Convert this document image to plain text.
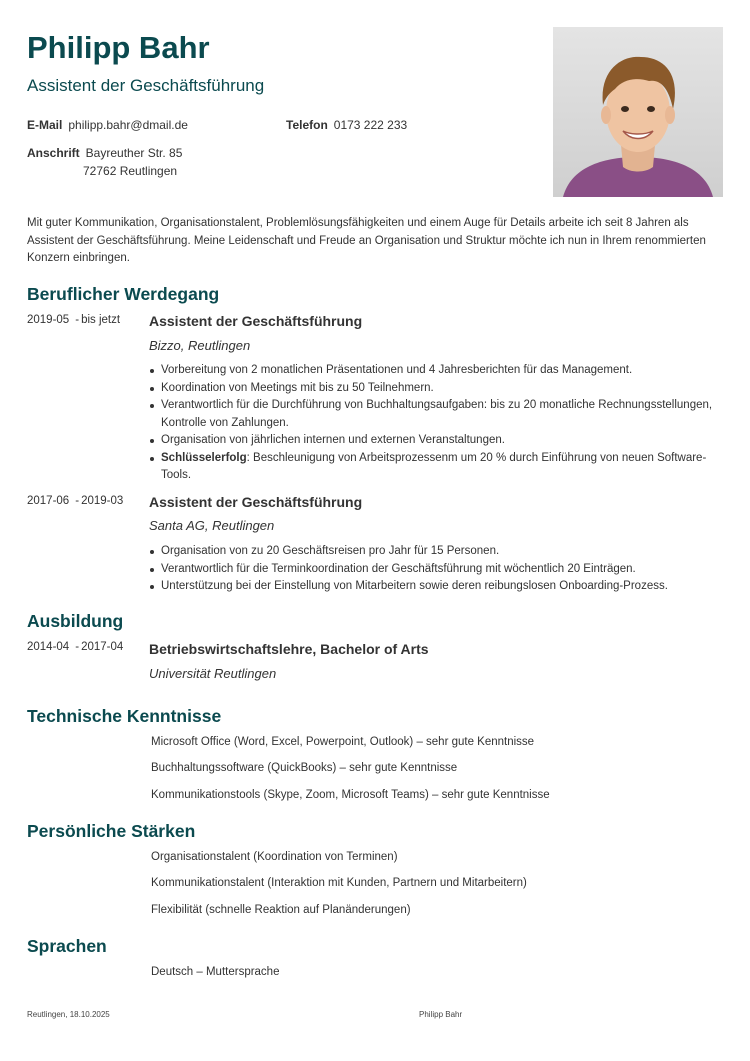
Philipp Bahr
Assistent der Geschäftsführung
E-Mail philipp.bahr@dmail.de	Telefon 0173 222 233
Anschrift Bayreuther Str. 85
72762 Reutlingen
Mit guter Kommunikation, Organisationstalent, Problemlösungsfähigkeiten und einem Auge für Details arbeite ich seit 8 Jahren als Assistent der Geschäftsführung. Meine Leidenschaft und Freude an Organisation und Struktur möchte ich nun in Ihrem renommierten Konzern einbringen.
Beruflicher Werdegang
2019-05 - bis jetzt Assistent der Geschäftsführung
Bizzo, Reutlingen
Vorbereitung von 2 monatlichen Präsentationen und 4 Jahresberichten für das Management.
Koordination von Meetings mit bis zu 50 Teilnehmern.
Verantwortlich für die Durchführung von Buchhaltungsaufgaben: bis zu 20 monatliche Rechnungsstellungen, Kontrolle von Zahlungen.
Organisation von jährlichen internen und externen Veranstaltungen.
Schlüsselerfolg: Beschleunigung von Arbeitsprozessenm um 20 % durch Einführung von neuen Software-Tools.
2017-06 - 2019-03 Assistent der Geschäftsführung
Santa AG, Reutlingen
Organisation von zu 20 Geschäftsreisen pro Jahr für 15 Personen.
Verantwortlich für die Terminkoordination der Geschäftsführung mit wöchentlich 20 Einträgen.
Unterstützung bei der Einstellung von Mitarbeitern sowie deren reibungslosen Onboarding-Prozess.
Ausbildung
2014-04 - 2017-04 Betriebswirtschaftslehre, Bachelor of Arts
Universität Reutlingen
Technische Kenntnisse
Microsoft Office (Word, Excel, Powerpoint, Outlook) – sehr gute Kenntnisse
Buchhaltungssoftware (QuickBooks) – sehr gute Kenntnisse
Kommunikationstools (Skype, Zoom, Microsoft Teams) – sehr gute Kenntnisse
Persönliche Stärken
Organisationstalent (Koordination von Terminen)
Kommunikationstalent (Interaktion mit Kunden, Partnern und Mitarbeitern)
Flexibilität (schnelle Reaktion auf Planänderungen)
Sprachen
Deutsch – Muttersprache
Reutlingen, 18.10.2025	Philipp Bahr
